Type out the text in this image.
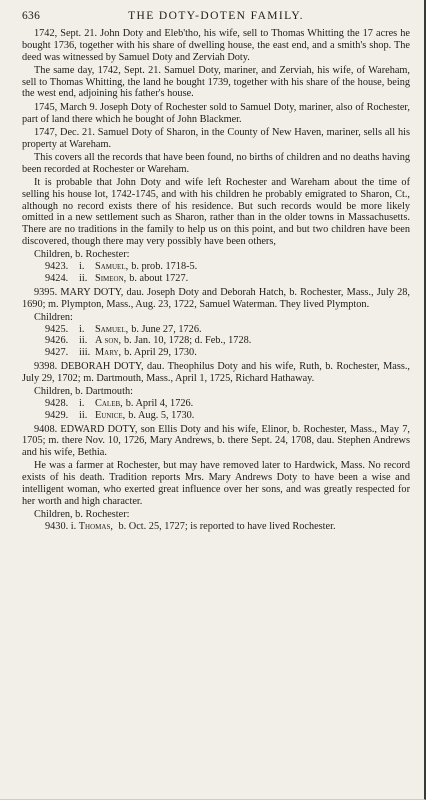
636	THE DOTY-DOTEN FAMILY.

1742, Sept. 21. John Doty and Eleb'tho, his wife, sell to Thomas Whitting the 17 acres he bought 1736, together with his share of dwelling house, the east end, and a smith's shop. The deed was witnessed by Samuel Doty and Zerviah Doty.

The same day, 1742, Sept. 21. Samuel Doty, mariner, and Zerviah, his wife, of Wareham, sell to Thomas Whitting, the land he bought 1739, together with his share of the house, being the west end, adjoining his father's house.

1745, March 9. Joseph Doty of Rochester sold to Samuel Doty, mariner, also of Rochester, part of land there which he bought of John Blackmer.

1747, Dec. 21. Samuel Doty of Sharon, in the County of New Haven, mariner, sells all his property at Wareham.

This covers all the records that have been found, no births of children and no deaths having been recorded at Rochester or Wareham.

It is probable that John Doty and wife left Rochester and Wareham about the time of selling his house lot, 1742-1745, and with his children he probably emigrated to Sharon, Ct., although no record exists there of his residence. But such records would be more likely omitted in a new settlement such as Sharon, rather than in the older towns in Massachusetts. There are no traditions in the family to help us on this point, and but two children have been discovered, though there may very possibly have been others,

Children, b. Rochester:

9423.	i.	Samuel, b. prob. 1718-5.
9424.	ii. Simeon, b. about 1727.

9395. MARY DOTY, dau. Joseph Doty and Deborah Hatch, b. Rochester, Mass., July 28, 1690; m. Plympton, Mass., Aug. 23, 1722, Samuel Waterman. They lived Plympton.

Children:

9425.	i.	Samuel, b. June 27, 1726.
9426.	ii. A son, b. Jan. 10, 1728; d. Feb., 1728.
9427.	iii. Mary, b. April 29, 1730.

9398. DEBORAH DOTY, dau. Theophilus Doty and his wife, Ruth, b. Rochester, Mass., July 29, 1702; m. Dartmouth, Mass., April 1, 1725, Richard Hathaway.

Children, b. Dartmouth:

9428.	i.	Caleb, b. April 4, 1726.
9429.	ii. Eunice, b. Aug. 5, 1730.

9408. EDWARD DOTY, son Ellis Doty and his wife, Elinor, b. Rochester, Mass., May 7, 1705; m. there Nov. 10, 1726, Mary Andrews, b. there Sept. 24, 1708, dau. Stephen Andrews and his wife, Bethia.

He was a farmer at Rochester, but may have removed later to Hardwick, Mass. No record exists of his death. Tradition reports Mrs. Mary Andrews Doty to have been a wise and intelligent woman, who exerted great influence over her sons, and was greatly respected for her worth and high character.

Children, b. Rochester:

9430. i. Thomas, b. Oct. 25, 1727; is reported to have lived Rochester.
